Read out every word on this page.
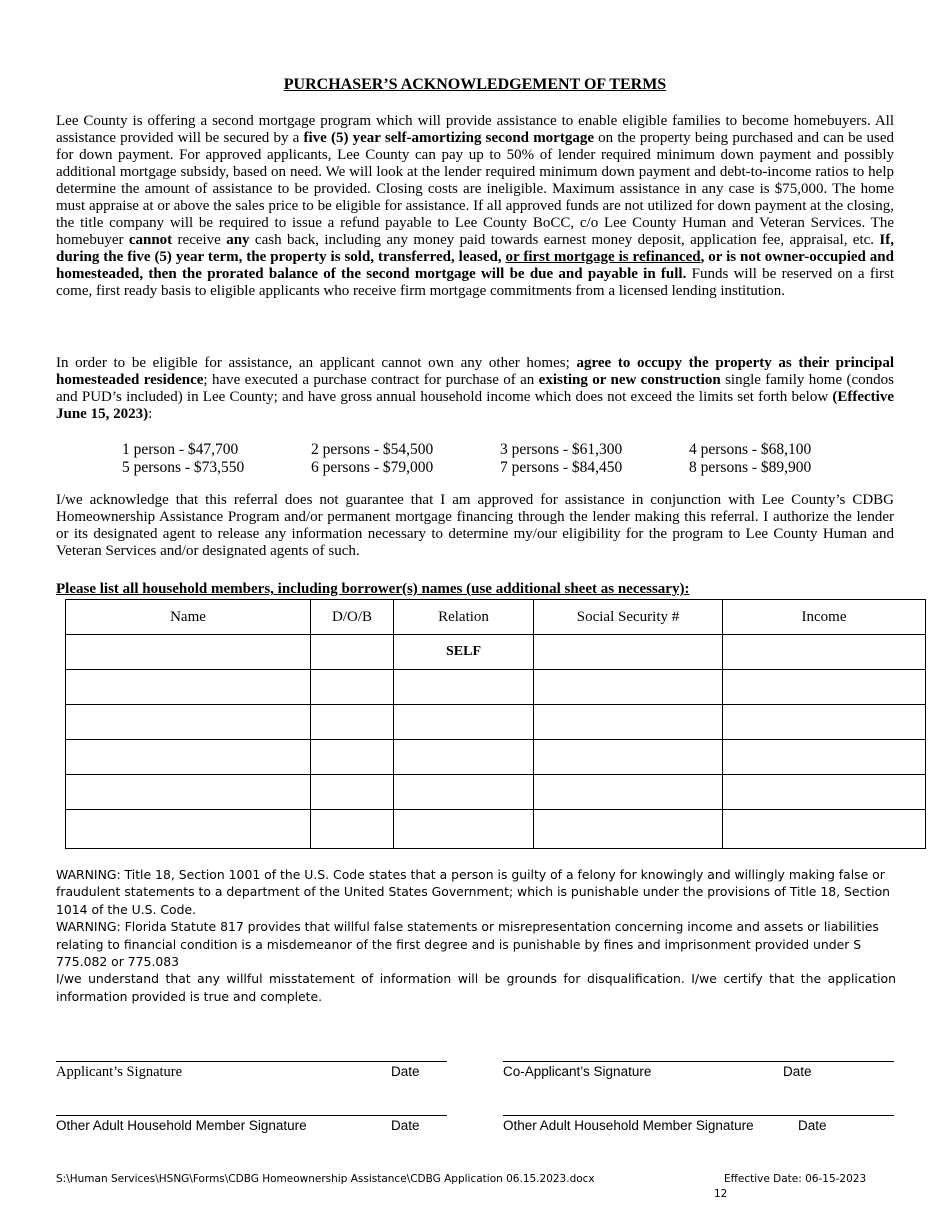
PURCHASER’S ACKNOWLEDGEMENT OF TERMS

Lee County is offering a second mortgage program which will provide assistance to enable eligible families to become homebuyers. All assistance provided will be secured by a five (5) year self-amortizing second mortgage on the property being purchased and can be used for down payment. For approved applicants, Lee County can pay up to 50% of lender required minimum down payment and possibly additional mortgage subsidy, based on need. We will look at the lender required minimum down payment and debt-to-income ratios to help determine the amount of assistance to be provided. Closing costs are ineligible. Maximum assistance in any case is $75,000. The home must appraise at or above the sales price to be eligible for assistance. If all approved funds are not utilized for down payment at the closing, the title company will be required to issue a refund payable to Lee County BoCC, c/o Lee County Human and Veteran Services. The homebuyer cannot receive any cash back, including any money paid towards earnest money deposit, application fee, appraisal, etc. If, during the five (5) year term, the property is sold, transferred, leased, or first mortgage is refinanced, or is not owner-occupied and homesteaded, then the prorated balance of the second mortgage will be due and payable in full. Funds will be reserved on a first come, first ready basis to eligible applicants who receive firm mortgage commitments from a licensed lending institution.

In order to be eligible for assistance, an applicant cannot own any other homes; agree to occupy the property as their principal homesteaded residence; have executed a purchase contract for purchase of an existing or new construction single family home (condos and PUD’s included) in Lee County; and have gross annual household income which does not exceed the limits set forth below (Effective June 15, 2023):

1 person - $47,700	2 persons - $54,500	3 persons - $61,300	4 persons - $68,100
5 persons - $73,550	6 persons - $79,000	7 persons - $84,450	8 persons - $89,900

I/we acknowledge that this referral does not guarantee that I am approved for assistance in conjunction with Lee County’s CDBG Homeownership Assistance Program and/or permanent mortgage financing through the lender making this referral. I authorize the lender or its designated agent to release any information necessary to determine my/our eligibility for the program to Lee County Human and Veteran Services and/or designated agents of such.

Please list all household members, including borrower(s) names (use additional sheet as necessary):
Name	D/O/B	Relation	Social Security #	Income
		SELF		

WARNING: Title 18, Section 1001 of the U.S. Code states that a person is guilty of a felony for knowingly and willingly making false or fraudulent statements to a department of the United States Government; which is punishable under the provisions of Title 18, Section 1014 of the U.S. Code.

WARNING: Florida Statute 817 provides that willful false statements or misrepresentation concerning income and assets or liabilities relating to financial condition is a misdemeanor of the first degree and is punishable by fines and imprisonment provided under S 775.082 or 775.083

I/we understand that any willful misstatement of information will be grounds for disqualification. I/we certify that the application information provided is true and complete.

Applicant’s Signature	Date	Co-Applicant’s Signature	Date
Other Adult Household Member Signature	Date	Other Adult Household Member Signature	Date
S:\Human Services\HSNG\Forms\CDBG Homeownership Assistance\CDBG Application 06.15.2023.docx	Effective Date: 06-15-2023
12
